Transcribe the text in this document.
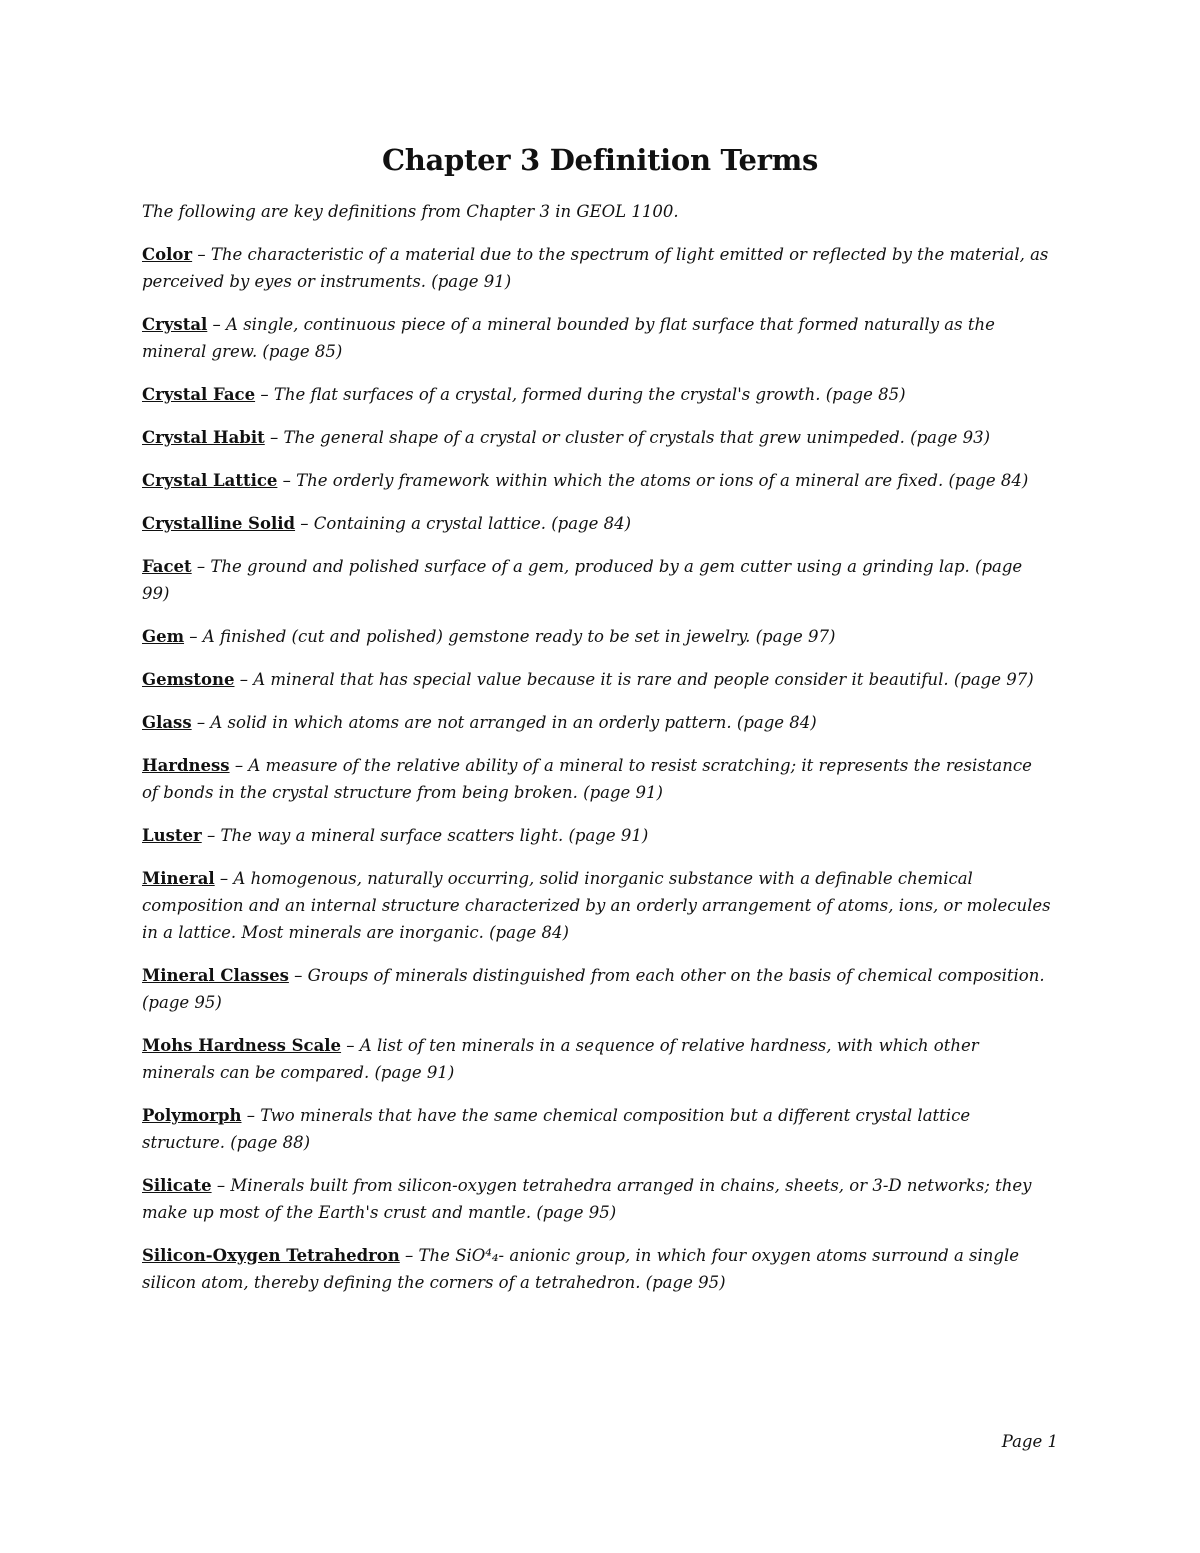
Chapter 3 Definition Terms

The following are key definitions from Chapter 3 in GEOL 1100.

Color – The characteristic of a material due to the spectrum of light emitted or reflected by the material, as perceived by eyes or instruments. (page 91)

Crystal – A single, continuous piece of a mineral bounded by flat surface that formed naturally as the mineral grew. (page 85)

Crystal Face – The flat surfaces of a crystal, formed during the crystal's growth. (page 85)

Crystal Habit – The general shape of a crystal or cluster of crystals that grew unimpeded. (page 93)

Crystal Lattice – The orderly framework within which the atoms or ions of a mineral are fixed. (page 84)

Crystalline Solid – Containing a crystal lattice. (page 84)

Facet – The ground and polished surface of a gem, produced by a gem cutter using a grinding lap. (page 99)

Gem – A finished (cut and polished) gemstone ready to be set in jewelry. (page 97)

Gemstone – A mineral that has special value because it is rare and people consider it beautiful. (page 97)

Glass – A solid in which atoms are not arranged in an orderly pattern. (page 84)

Hardness – A measure of the relative ability of a mineral to resist scratching; it represents the resistance of bonds in the crystal structure from being broken. (page 91)

Luster – The way a mineral surface scatters light. (page 91)

Mineral – A homogenous, naturally occurring, solid inorganic substance with a definable chemical composition and an internal structure characterized by an orderly arrangement of atoms, ions, or molecules in a lattice. Most minerals are inorganic. (page 84)

Mineral Classes – Groups of minerals distinguished from each other on the basis of chemical composition. (page 95)

Mohs Hardness Scale – A list of ten minerals in a sequence of relative hardness, with which other minerals can be compared. (page 91)

Polymorph – Two minerals that have the same chemical composition but a different crystal lattice structure. (page 88)

Silicate – Minerals built from silicon-oxygen tetrahedra arranged in chains, sheets, or 3-D networks; they make up most of the Earth's crust and mantle. (page 95)

Silicon-Oxygen Tetrahedron – The SiO⁴₄- anionic group, in which four oxygen atoms surround a single silicon atom, thereby defining the corners of a tetrahedron. (page 95)

Page 1
